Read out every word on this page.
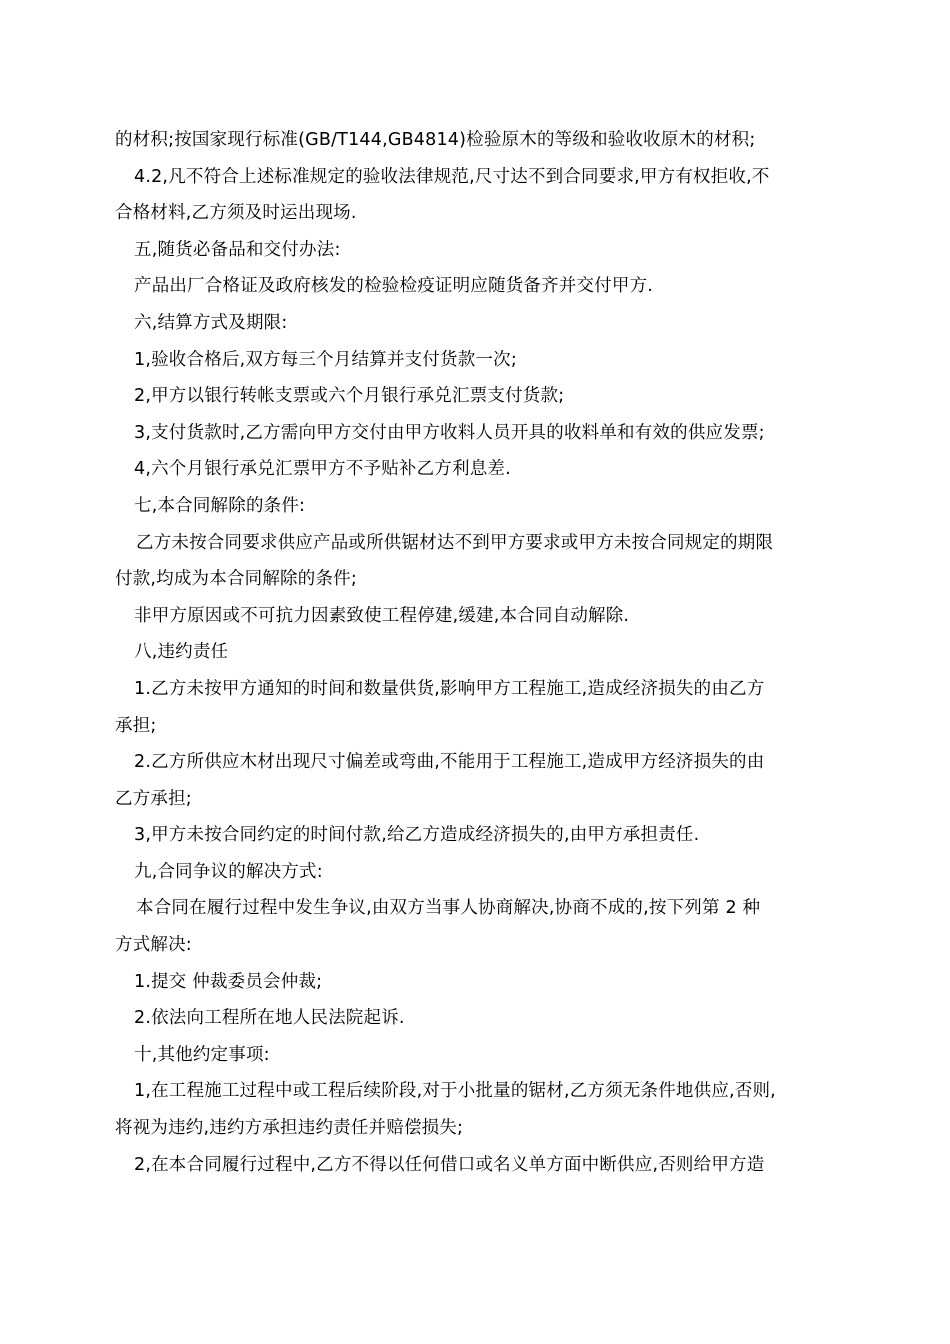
的材积;按国家现行标准(GB/T144,GB4814)检验原木的等级和验收收原木的材积;
4.2,凡不符合上述标准规定的验收法律规范,尺寸达不到合同要求,甲方有权拒收,不
合格材料,乙方须及时运出现场.
五,随货必备品和交付办法:
产品出厂合格证及政府核发的检验检疫证明应随货备齐并交付甲方.
六,结算方式及期限:
1,验收合格后,双方每三个月结算并支付货款一次;
2,甲方以银行转帐支票或六个月银行承兑汇票支付货款;
3,支付货款时,乙方需向甲方交付由甲方收料人员开具的收料单和有效的供应发票;
4,六个月银行承兑汇票甲方不予贴补乙方利息差.
七,本合同解除的条件:
乙方未按合同要求供应产品或所供锯材达不到甲方要求或甲方未按合同规定的期限
付款,均成为本合同解除的条件;
非甲方原因或不可抗力因素致使工程停建,缓建,本合同自动解除.
八,违约责任
1.乙方未按甲方通知的时间和数量供货,影响甲方工程施工,造成经济损失的由乙方
承担;
2.乙方所供应木材出现尺寸偏差或弯曲,不能用于工程施工,造成甲方经济损失的由
乙方承担;
3,甲方未按合同约定的时间付款,给乙方造成经济损失的,由甲方承担责任.
九,合同争议的解决方式:
本合同在履行过程中发生争议,由双方当事人协商解决,协商不成的,按下列第 2 种
方式解决:
1.提交 仲裁委员会仲裁;
2.依法向工程所在地人民法院起诉.
十,其他约定事项:
1,在工程施工过程中或工程后续阶段,对于小批量的锯材,乙方须无条件地供应,否则,
将视为违约,违约方承担违约责任并赔偿损失;
2,在本合同履行过程中,乙方不得以任何借口或名义单方面中断供应,否则给甲方造
